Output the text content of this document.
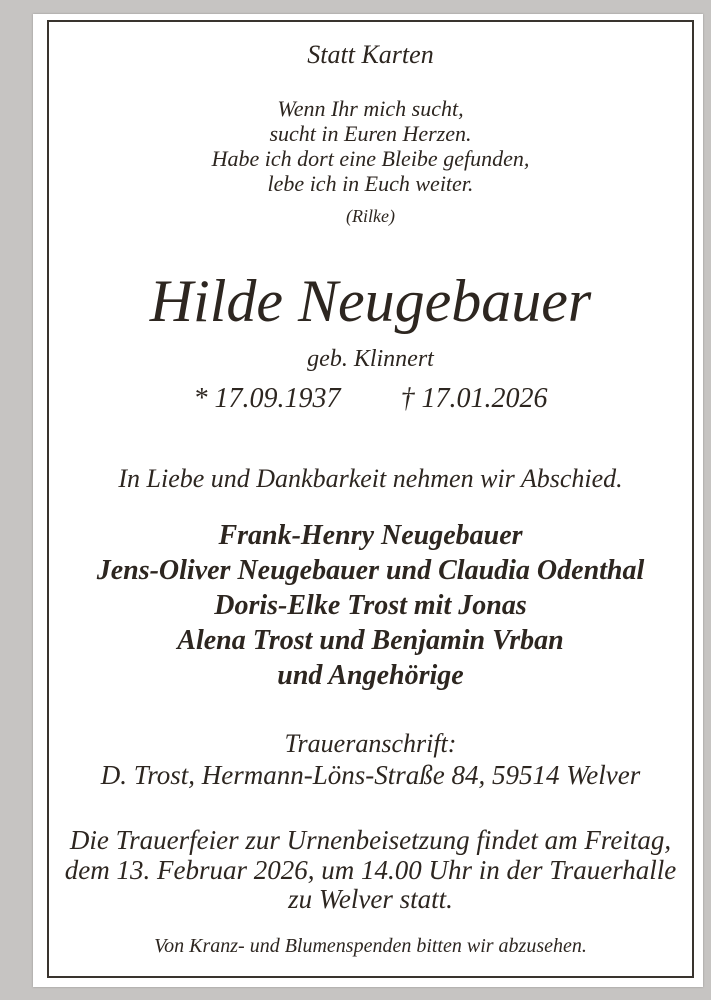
Statt Karten
Wenn Ihr mich sucht,
sucht in Euren Herzen.
Habe ich dort eine Bleibe gefunden,
lebe ich in Euch weiter.
(Rilke)
Hilde Neugebauer
geb. Klinnert
* 17.09.1937 † 17.01.2026
In Liebe und Dankbarkeit nehmen wir Abschied.
Frank-Henry Neugebauer
Jens-Oliver Neugebauer und Claudia Odenthal
Doris-Elke Trost mit Jonas
Alena Trost und Benjamin Vrban
und Angehörige
Traueranschrift:
D. Trost, Hermann-Löns-Straße 84, 59514 Welver
Die Trauerfeier zur Urnenbeisetzung findet am Freitag,
dem 13. Februar 2026, um 14.00 Uhr in der Trauerhalle
zu Welver statt.
Von Kranz- und Blumenspenden bitten wir abzusehen.
